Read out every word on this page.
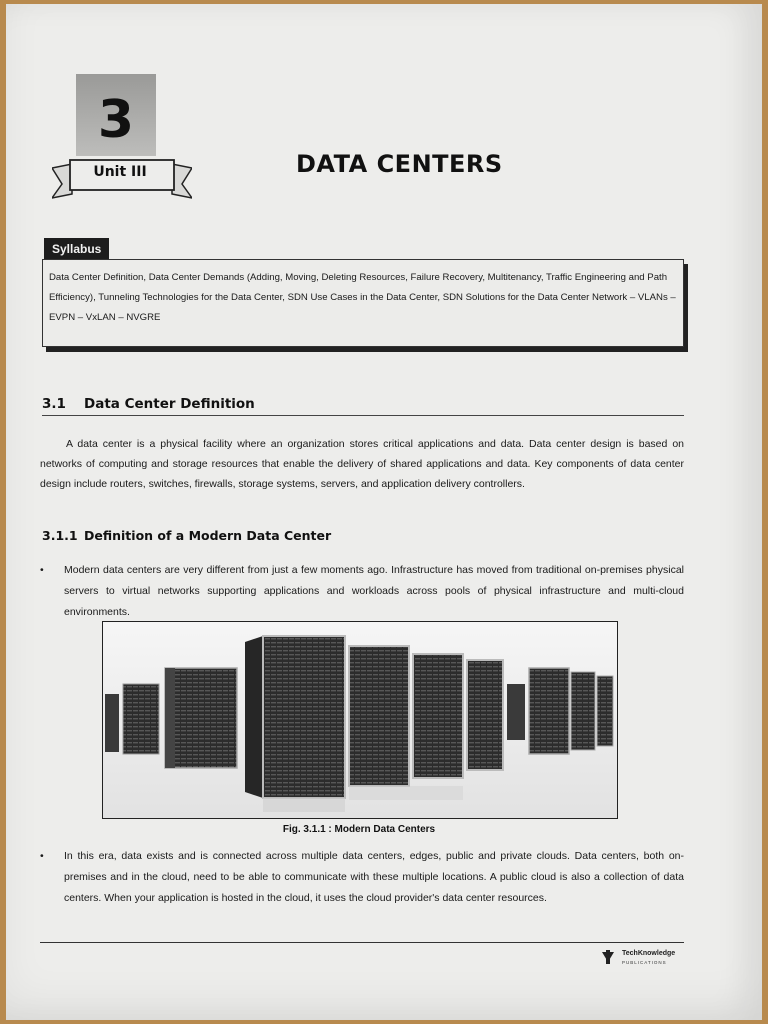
3
Unit III	DATA CENTERS
Syllabus
Data Center Definition, Data Center Demands (Adding, Moving, Deleting Resources, Failure Recovery, Multitenancy, Traffic Engineering and Path Efficiency), Tunneling Technologies for the Data Center, SDN Use Cases in the Data Center, SDN Solutions for the Data Center Network – VLANs – EVPN – VxLAN – NVGRE
3.1 Data Center Definition
A data center is a physical facility where an organization stores critical applications and data. Data center design is based on networks of computing and storage resources that enable the delivery of shared applications and data. Key components of data center design include routers, switches, firewalls, storage systems, servers, and application delivery controllers.
3.1.1 Definition of a Modern Data Center
• Modern data centers are very different from just a few moments ago. Infrastructure has moved from traditional on-premises physical servers to virtual networks supporting applications and workloads across pools of physical infrastructure and multi-cloud environments.
Fig. 3.1.1 : Modern Data Centers
• In this era, data exists and is connected across multiple data centers, edges, public and private clouds. Data centers, both on-premises and in the cloud, need to be able to communicate with these multiple locations. A public cloud is also a collection of data centers. When your application is hosted in the cloud, it uses the cloud provider's data center resources.
TechKnowledge
PUBLICATIONS
